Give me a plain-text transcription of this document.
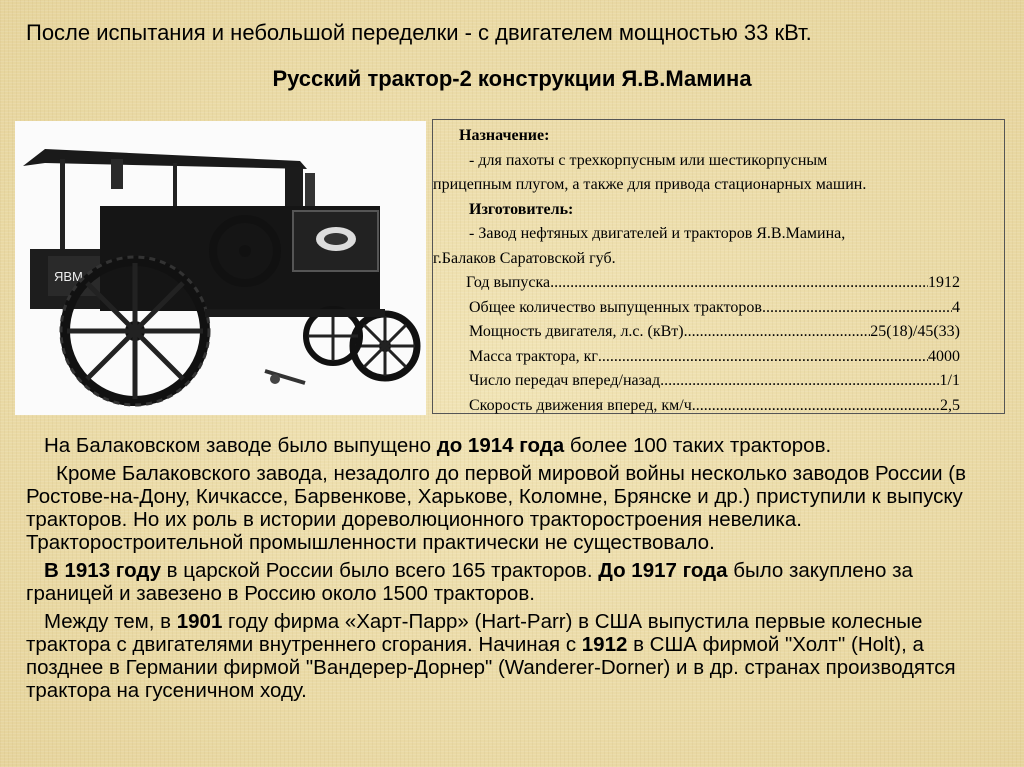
После испытания и небольшой переделки - с двигателем мощностью 33 кВт.
Русский трактор-2 конструкции Я.В.Мамина
ЯВМ
Назначение:
- для пахоты с трехкорпусным или шестикорпусным
прицепным плугом, а также для привода стационарных машин.
Изготовитель:
- Завод нефтяных двигателей и тракторов Я.В.Мамина,
г.Балаков Саратовской губ.
Год выпуска .....	1912
Общее количество выпущенных тракторов .....	4
Мощность двигателя, л.с. (кВт) .....	25(18)/45(33)
Масса трактора, кг .....	4000
Число передач вперед/назад .....	1/1
Скорость движения вперед, км/ч .....	2,5

На Балаковском заводе было выпущено до 1914 года более 100 таких тракторов.

Кроме Балаковского завода, незадолго до первой мировой войны несколько заводов России (в Ростове-на-Дону, Кичкассе, Барвенкове, Харькове, Коломне, Брянске и др.) приступили к выпуску тракторов. Но их роль в истории дореволюционного тракторостроения невелика. Тракторостроительной промышленности практически не существовало.

В 1913 году в царской России было всего 165 тракторов. До 1917 года было закуплено за границей и завезено в Россию около 1500 тракторов.

Между тем, в 1901 году фирма «Харт-Парр» (Hart-Parr) в США выпустила первые колесные трактора с двигателями внутреннего сгорания. Начиная с 1912 в США фирмой "Холт" (Holt), а позднее в Германии фирмой "Вандерер-Дорнер" (Wanderer-Dorner) и в др. странах производятся трактора на гусеничном ходу.
